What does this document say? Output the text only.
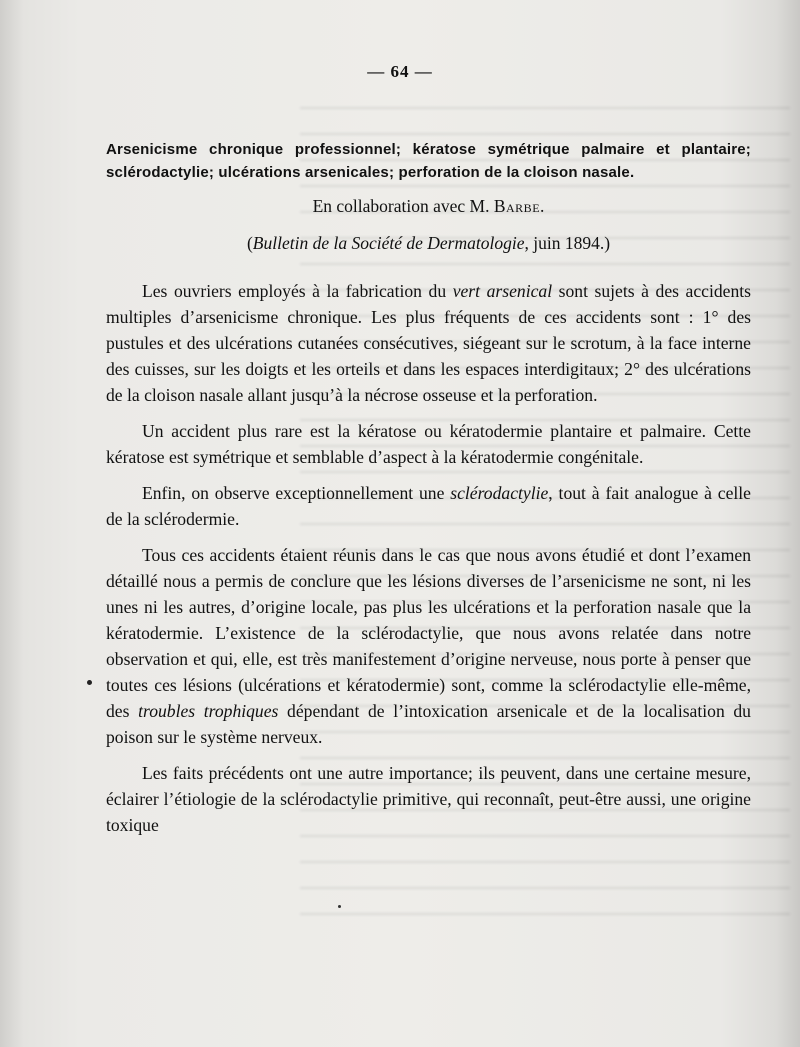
— 64 —
Arsenicisme chronique professionnel; kératose symétrique palmaire et plantaire; sclérodactylie; ulcérations arsenicales; perforation de la cloison nasale.
En collaboration avec M. Barbe.
(Bulletin de la Société de Dermatologie, juin 1894.)

Les ouvriers employés à la fabrication du vert arsenical sont sujets à des accidents multiples d’arsenicisme chronique. Les plus fréquents de ces accidents sont : 1° des pustules et des ulcérations cutanées consécutives, siégeant sur le scrotum, à la face interne des cuisses, sur les doigts et les orteils et dans les espaces interdigitaux; 2° des ulcérations de la cloison nasale allant jusqu’à la nécrose osseuse et la perforation.

Un accident plus rare est la kératose ou kératodermie plantaire et palmaire. Cette kératose est symétrique et semblable d’aspect à la kératodermie congénitale.

Enfin, on observe exceptionnellement une sclérodactylie, tout à fait analogue à celle de la sclérodermie.

Tous ces accidents étaient réunis dans le cas que nous avons étudié et dont l’examen détaillé nous a permis de conclure que les lésions diverses de l’arsenicisme ne sont, ni les unes ni les autres, d’origine locale, pas plus les ulcérations et la perforation nasale que la kératodermie. L’existence de la sclérodactylie, que nous avons relatée dans notre observation et qui, elle, est très manifestement d’origine nerveuse, nous porte à penser que toutes ces lésions (ulcérations et kératodermie) sont, comme la sclérodactylie elle-même, des troubles trophiques dépendant de l’intoxication arsenicale et de la localisation du poison sur le système nerveux.

Les faits précédents ont une autre importance; ils peuvent, dans une certaine mesure, éclairer l’étiologie de la sclérodactylie primitive, qui reconnaît, peut-être aussi, une origine toxique
